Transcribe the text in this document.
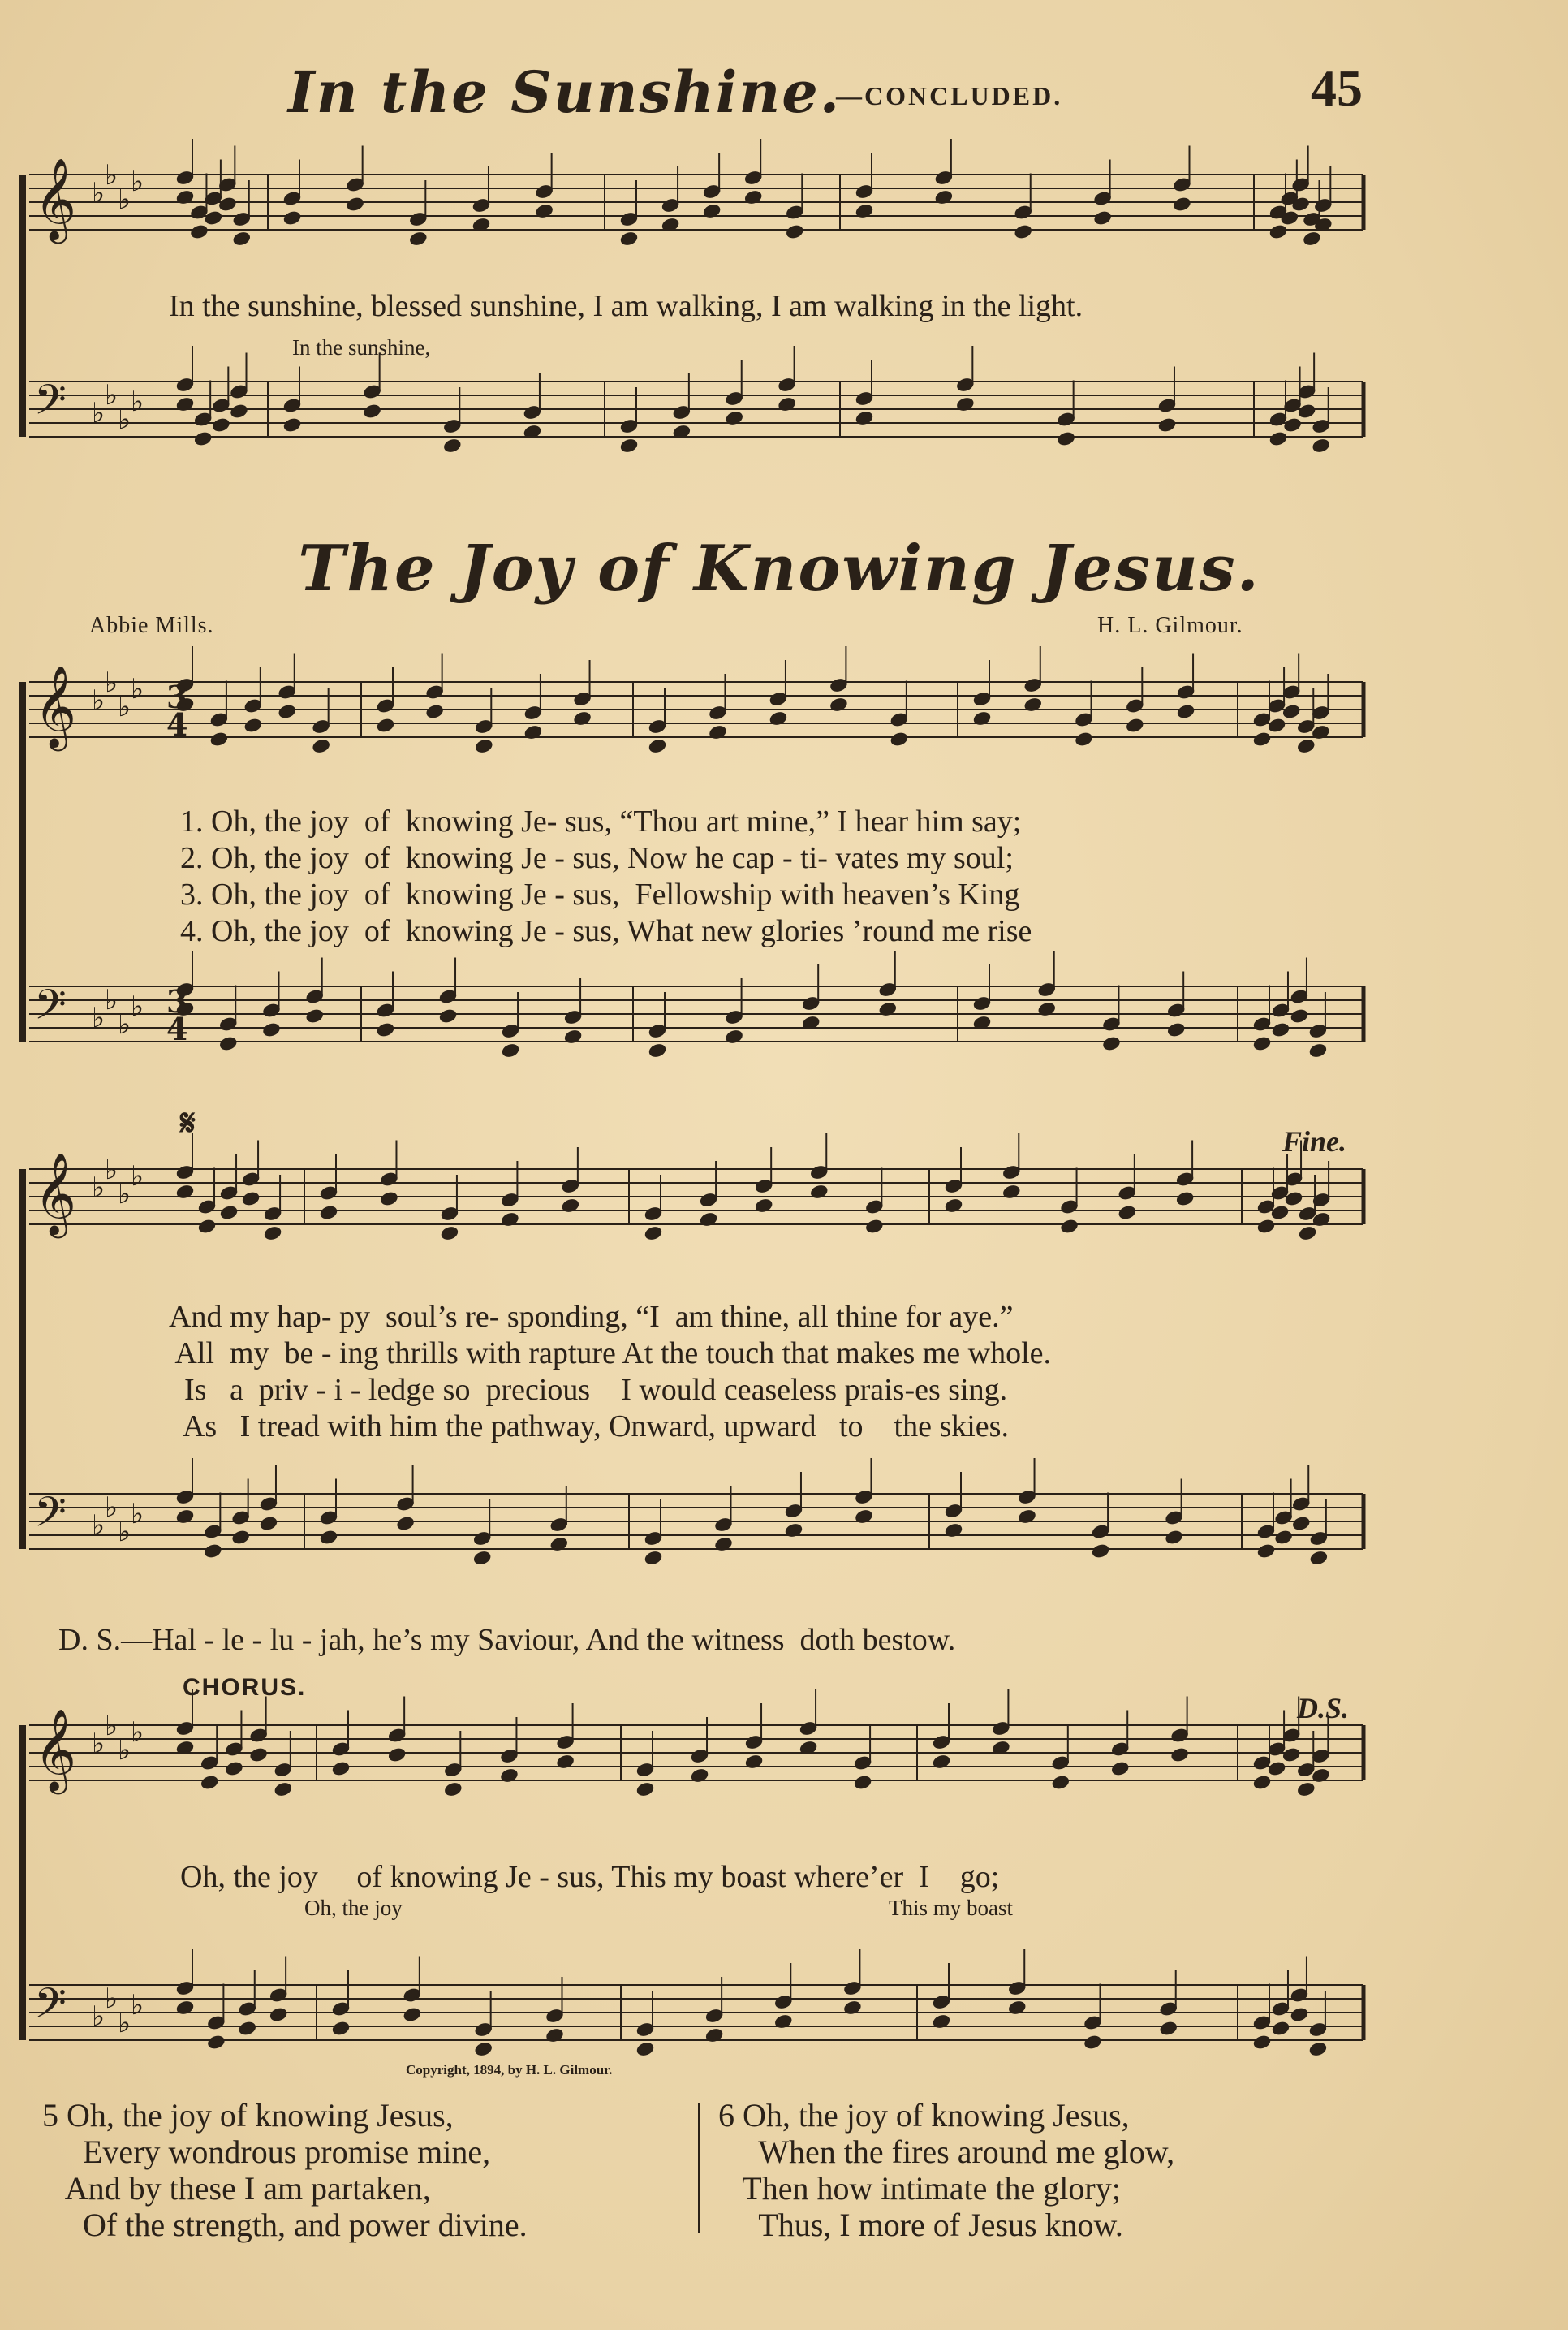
In the Sunshine.
—CONCLUDED.	45
𝄞 ♭
♭
♭
♭
𝄢 ♭
♭
♭
♭
𝄞 ♭
♭
♭
♭
𝄢 ♭
♭
♭
♭
𝄞 ♭
♭
♭
♭
𝄢 ♭
♭
♭
♭
𝄞 ♭
♭
♭
♭
𝄢 ♭
♭
♭
♭
3
4
3
4
In the sunshine, blessed sunshine, I am walking, I am walking in the light.
In the sunshine,
The Joy of Knowing Jesus.
Abbie Mills.	H. L. Gilmour.
1. Oh, the joy  of  knowing Je- sus, “Thou art mine,” I hear him say;
2. Oh, the joy  of  knowing Je - sus, Now he cap - ti- vates my soul;
3. Oh, the joy  of  knowing Je - sus,  Fellowship with heaven’s King
4. Oh, the joy  of  knowing Je - sus, What new glories ’round me rise
𝄋	Fine.
And my hap- py  soul’s re- sponding, “I  am thine, all thine for aye.”
All  my  be - ing thrills with rapture At the touch that makes me whole.
Is   a  priv - i - ledge so  precious    I would ceaseless prais-es sing.
As   I tread with him the pathway, Onward, upward   to    the skies.
D. S.—Hal - le - lu - jah, he’s my Saviour, And the witness  doth bestow.
CHORUS.
D.S.
Oh, the joy     of knowing Je - sus, This my boast where’er  I    go;
Oh, the joy	This my boast
Copyright, 1894, by H. L. Gilmour.
5 Oh, the joy of knowing Jesus,
Every wondrous promise mine,
And by these I am partaken,
Of the strength, and power divine.
6 Oh, the joy of knowing Jesus,
When the fires around me glow,
Then how intimate the glory;
Thus, I more of Jesus know.
